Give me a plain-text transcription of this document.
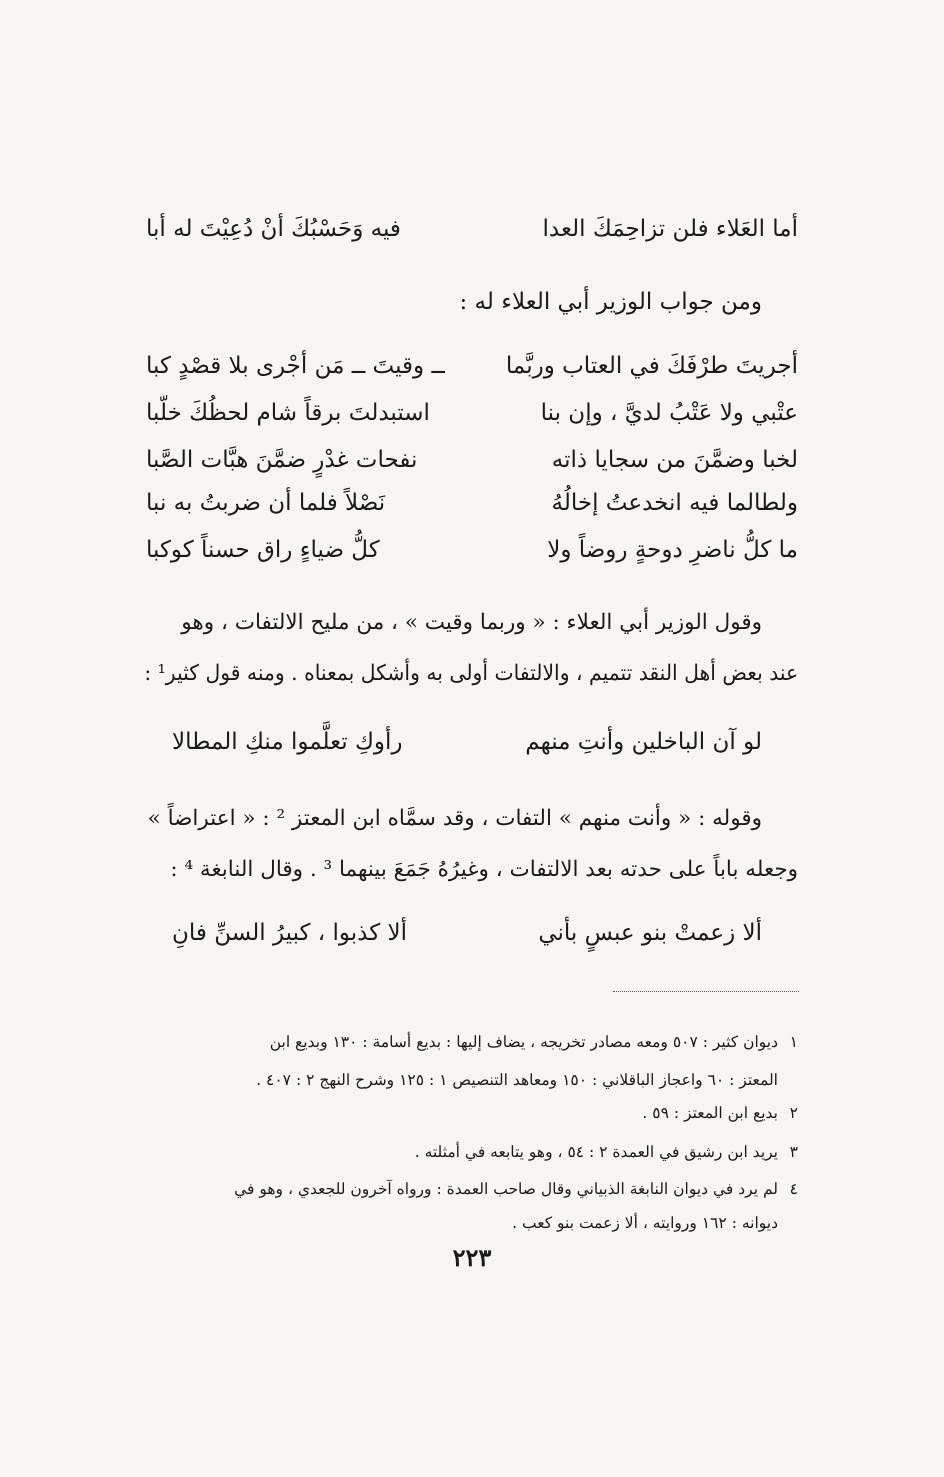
أما العَلاء فلن تزاحِمَكَ العدا
فيه وَحَسْبُكَ أنْ دُعِيْتَ له أبا
ومن جواب الوزير أبي العلاء له :
أجريتَ طرْفَكَ في العتاب وربَّما
ــ وقيتَ ــ مَن أجْرى بلا قصْدٍ كبا
عتْبي ولا عَتْبُ لديَّ ، وإن بنا
استبدلتَ برقاً شام لحظُكَ خلّبا
لخبا وضمَّنَ من سجايا ذاته
نفحات غدْرٍ ضمَّنَ هبَّات الصَّبا
ولطالما فيه انخدعتُ إخالُهُ
نَصْلاً فلما أن ضربتُ به نبا
ما كلُّ ناضرِ دوحةٍ روضاً ولا
كلُّ ضياءٍ راق حسناً كوكبا
وقول الوزير أبي العلاء : « وربما وقيت » ، من مليح الالتفات ، وهو
عند بعض أهل النقد تتميم ، والالتفات أولى به وأشكل بمعناه . ومنه قول كثير¹ :
لو آن الباخلين وأنتِ منهم
رأوكِ تعلَّموا منكِ المطالا
وقوله : « وأنت منهم » التفات ، وقد سمَّاه ابن المعتز ² : « اعتراضاً »
وجعله باباً على حدته بعد الالتفات ، وغيرُهُ جَمَعَ بينهما ³ . وقال النابغة ⁴ :
ألا زعمتْ بنو عبسٍ بأني
ألا كذبوا ، كبيرُ السنِّ فانِ
١ديوان كثير : ٥٠٧ ومعه مصادر تخريجه ، يضاف إليها : بديع أسامة : ١٣٠ وبديع ابن
المعتز : ٦٠ واعجاز الباقلاني : ١٥٠ ومعاهد التنصيص ١ : ١٢٥ وشرح النهج ٢ : ٤٠٧ .
٢بديع ابن المعتز : ٥٩ .
٣يريد ابن رشيق في العمدة ٢ : ٥٤ ، وهو يتابعه في أمثلته .
٤لم يرد في ديوان النابغة الذبياني وقال صاحب العمدة : ورواه آخرون للجعدي ، وهو في
ديوانه : ١٦٢ وروايته ، ألا زعمت بنو كعب .
٢٢٣
